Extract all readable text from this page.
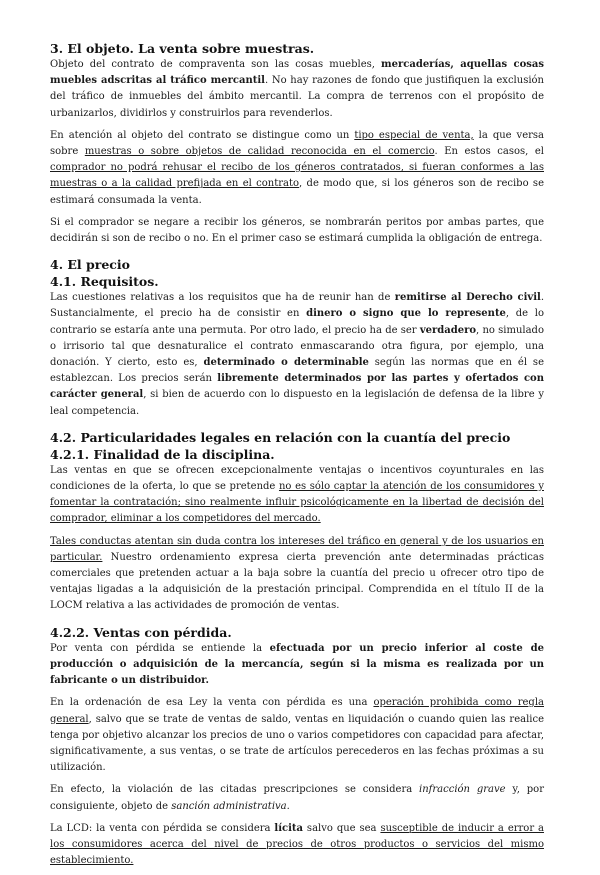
3. El objeto. La venta sobre muestras.

Objeto del contrato de compraventa son las cosas muebles, mercaderías, aquellas cosas muebles adscritas al tráfico mercantil. No hay razones de fondo que justifiquen la exclusión del tráfico de inmuebles del ámbito mercantil. La compra de terrenos con el propósito de urbanizarlos, dividirlos y construirlos para revenderlos.

En atención al objeto del contrato se distingue como un tipo especial de venta, la que versa sobre muestras o sobre objetos de calidad reconocida en el comercio. En estos casos, el comprador no podrá rehusar el recibo de los géneros contratados, si fueran conformes a las muestras o a la calidad prefijada en el contrato, de modo que, si los géneros son de recibo se estimará consumada la venta.

Si el comprador se negare a recibir los géneros, se nombrarán peritos por ambas partes, que decidirán si son de recibo o no. En el primer caso se estimará cumplida la obligación de entrega.

4. El precio
4.1. Requisitos.

Las cuestiones relativas a los requisitos que ha de reunir han de remitirse al Derecho civil. Sustancialmente, el precio ha de consistir en dinero o signo que lo represente, de lo contrario se estaría ante una permuta. Por otro lado, el precio ha de ser verdadero, no simulado o irrisorio tal que desnaturalice el contrato enmascarando otra figura, por ejemplo, una donación. Y cierto, esto es, determinado o determinable según las normas que en él se establezcan. Los precios serán libremente determinados por las partes y ofertados con carácter general, si bien de acuerdo con lo dispuesto en la legislación de defensa de la libre y leal competencia.

4.2. Particularidades legales en relación con la cuantía del precio
4.2.1. Finalidad de la disciplina.

Las ventas en que se ofrecen excepcionalmente ventajas o incentivos coyunturales en las condiciones de la oferta, lo que se pretende no es sólo captar la atención de los consumidores y fomentar la contratación; sino realmente influir psicológicamente en la libertad de decisión del comprador, eliminar a los competidores del mercado.

Tales conductas atentan sin duda contra los intereses del tráfico en general y de los usuarios en particular. Nuestro ordenamiento expresa cierta prevención ante determinadas prácticas comerciales que pretenden actuar a la baja sobre la cuantía del precio u ofrecer otro tipo de ventajas ligadas a la adquisición de la prestación principal. Comprendida en el título II de la LOCM relativa a las actividades de promoción de ventas.

4.2.2. Ventas con pérdida.

Por venta con pérdida se entiende la efectuada por un precio inferior al coste de producción o adquisición de la mercancía, según si la misma es realizada por un fabricante o un distribuidor.

En la ordenación de esa Ley la venta con pérdida es una operación prohibida como regla general, salvo que se trate de ventas de saldo, ventas en liquidación o cuando quien las realice tenga por objetivo alcanzar los precios de uno o varios competidores con capacidad para afectar, significativamente, a sus ventas, o se trate de artículos perecederos en las fechas próximas a su utilización.

En efecto, la violación de las citadas prescripciones se considera infracción grave y, por consiguiente, objeto de sanción administrativa.

La LCD: la venta con pérdida se considera lícita salvo que sea susceptible de inducir a error a los consumidores acerca del nivel de precios de otros productos o servicios del mismo establecimiento.
